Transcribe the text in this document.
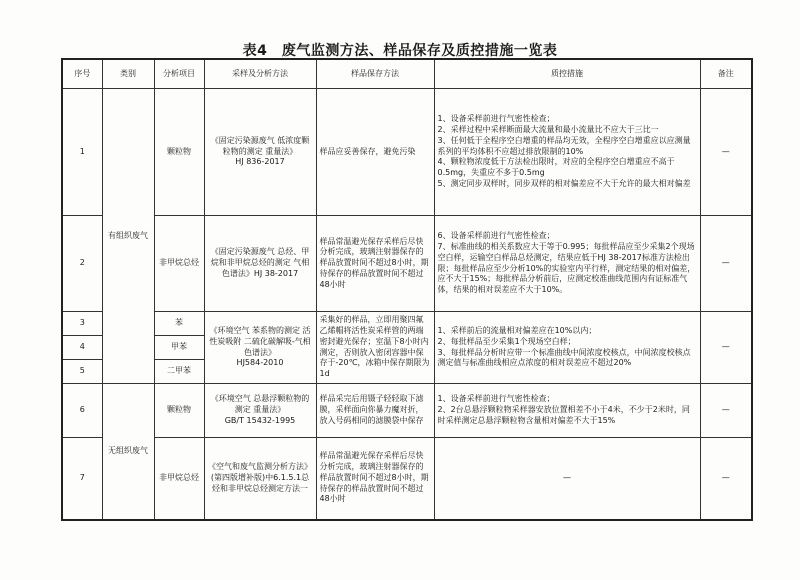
表4　废气监测方法、样品保存及质控措施一览表
序号	类别	分析项目	采样及分析方法	样品保存方法	质控措施	备注
1	有组织废气	颗粒物	《固定污染源废气 低浓度颗粒物的测定 重量法》
HJ 836-2017	样品应妥善保存，避免污染	1、设备采样前进行气密性检查；
2、采样过程中采样断面最大流量和最小流量比不应大于三比一
3、任何低于全程序空白增重的样品均无效，全程序空白增重应以应测量系列的平均体积不应超过排放限制的10%
4、颗粒物浓度低于方法检出限时，对应的全程序空白增重应不高于0.5mg，失重应不多于0.5mg
5、测定同步双样时，同步双样的相对偏差应不大于允许的最大相对偏差	—
2		非甲烷总烃	《固定污染源废气 总烃、甲烷和非甲烷总烃的测定 气相色谱法》HJ 38-2017	样品常温避光保存采样后尽快分析完成，玻璃注射器保存的样品放置时间不超过8小时，期待保存的样品放置时间不超过48小时	6、设备采样前进行气密性检查；
7、标准曲线的相关系数应大于等于0.995；每批样品应至少采集2个现场空白样，运输空白样品总烃测定，结果应低于HJ 38-2017标准方法检出限；每批样品应至少分析10%的实验室内平行样，测定结果的相对偏差，应不大于15%；每批样品分析前后，应测定校准曲线范围内有证标准气体，结果的相对误差应不大于10%。	—
3		苯	《环境空气 苯系物的测定 活性炭吸附 二硫化碳解吸-气相色谱法》
HJ584-2010	采集好的样品，立即用聚四氟乙烯帽将活性炭采样管的两端密封避光保存；室温下8小时内测定，否则放入密闭容器中保存于-20℃，冰箱中保存期限为1d	1、采样前后的流量相对偏差应在10%以内；
2、每批样品至少采集1个现场空白样；
3、每批样品分析时应带一个标准曲线中间浓度校核点，中间浓度校核点测定值与标准曲线相应点浓度的相对误差应不超过20%	—
4		甲苯				
5		二甲苯				
6	无组织废气	颗粒物	《环境空气 总悬浮颗粒物的测定 重量法》
GB/T 15432-1995	样品采完后用镊子轻轻取下滤膜，采样面向你暴力魔对折，放入号码相同的滤膜袋中保存	1、设备采样前进行气密性检查；
2、2台总悬浮颗粒物采样器安放位置相差不小于4米，不少于2米时，同时采样测定总悬浮颗粒物含量相对偏差不大于15%	—
7		非甲烷总烃	《空气和废气监测分析方法》(第四版增补版)中6.1.5.1总烃和非甲烷总烃测定方法一	样品常温避光保存采样后尽快分析完成，玻璃注射器保存的样品放置时间不超过8小时，期待保存的样品放置时间不超过48小时	—	—
